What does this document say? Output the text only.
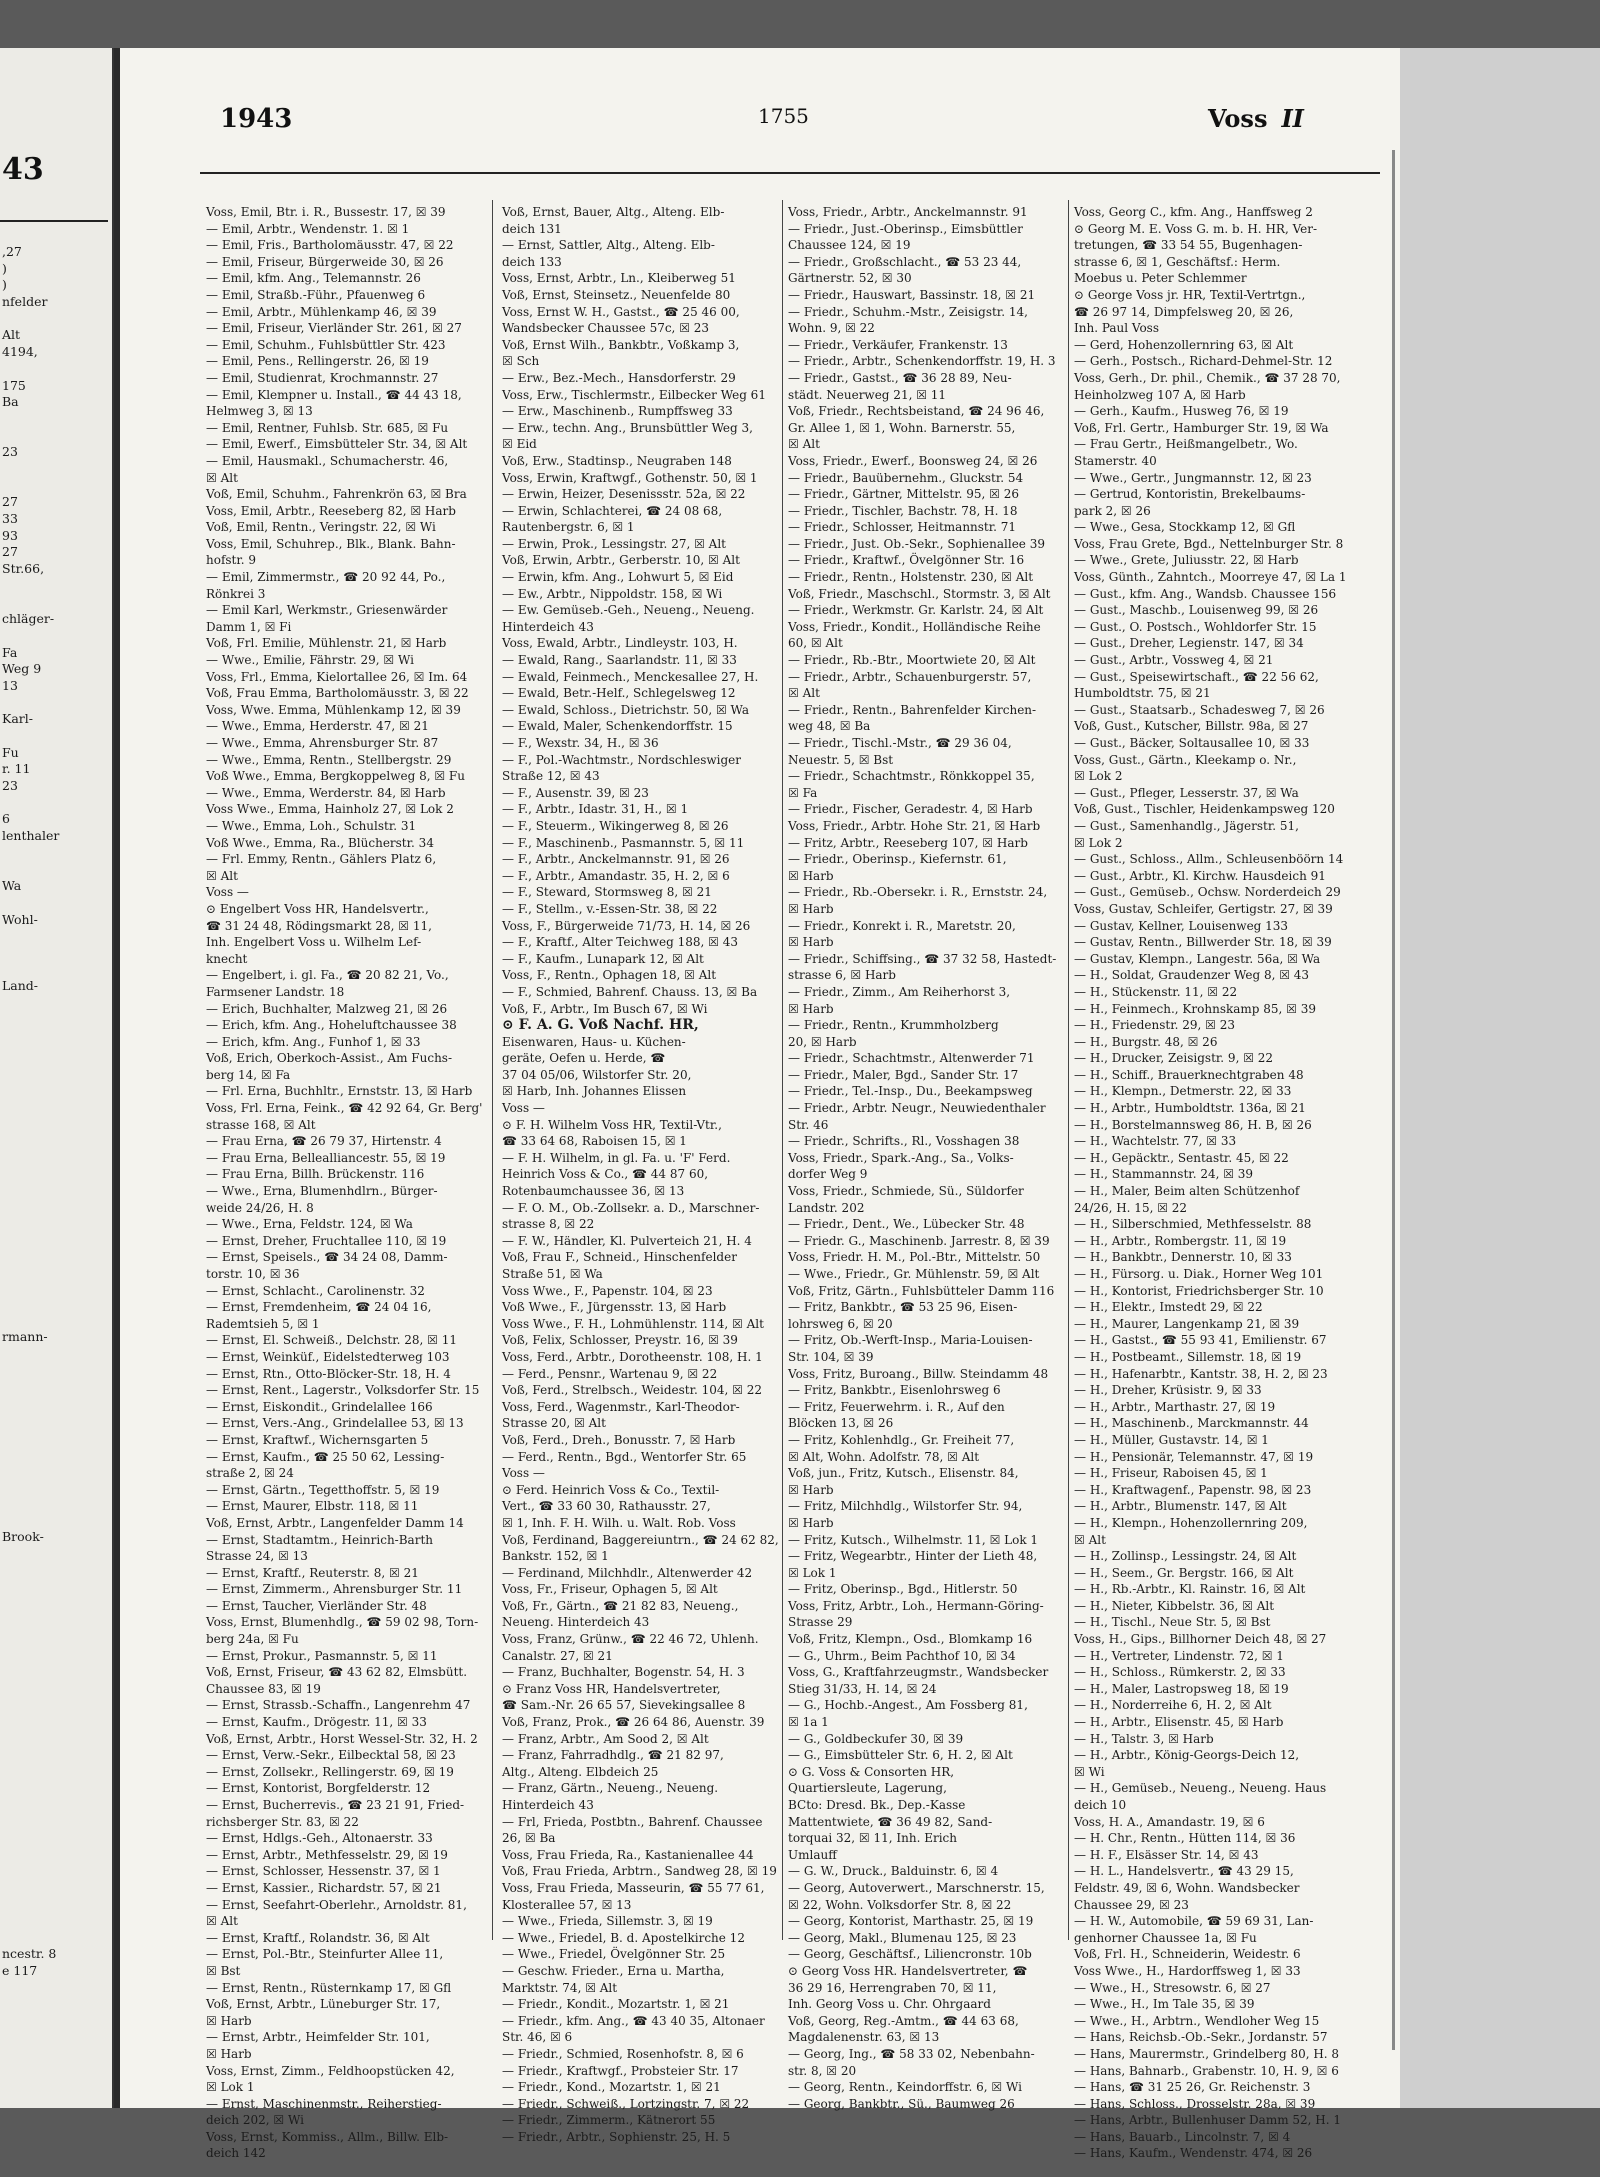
43
,27
)
)
nfelder
Alt
4194,
175
Ba
23
27
33
93
27
Str.66,
chläger-
Fa
Weg 9
13
Karl-
Fu
r. 11
23
6
lenthaler
Wa
Wohl-
Land-
rmann-
Brook-
ncestr. 8
e 117
1943	1755	Voss II
Voss, Emil, Btr. i. R., Bussestr. 17, ☒ 39
— Emil, Arbtr., Wendenstr. 1. ☒ 1
— Emil, Fris., Bartholomäusstr. 47, ☒ 22
— Emil, Friseur, Bürgerweide 30, ☒ 26
— Emil, kfm. Ang., Telemannstr. 26
— Emil, Straßb.-Führ., Pfauenweg 6
— Emil, Arbtr., Mühlenkamp 46, ☒ 39
— Emil, Friseur, Vierländer Str. 261, ☒ 27
— Emil, Schuhm., Fuhlsbüttler Str. 423
— Emil, Pens., Rellingerstr. 26, ☒ 19
— Emil, Studienrat, Krochmannstr. 27
— Emil, Klempner u. Install., ☎ 44 43 18,
Helmweg 3, ☒ 13
— Emil, Rentner, Fuhlsb. Str. 685, ☒ Fu
— Emil, Ewerf., Eimsbütteler Str. 34, ☒ Alt
— Emil, Hausmakl., Schumacherstr. 46,
☒ Alt
Voß, Emil, Schuhm., Fahrenkrön 63, ☒ Bra
Voss, Emil, Arbtr., Reeseberg 82, ☒ Harb
Voß, Emil, Rentn., Veringstr. 22, ☒ Wi
Voss, Emil, Schuhrep., Blk., Blank. Bahn-
hofstr. 9
— Emil, Zimmermstr., ☎ 20 92 44, Po.,
Rönkrei 3
— Emil Karl, Werkmstr., Griesenwärder
Damm 1, ☒ Fi
Voß, Frl. Emilie, Mühlenstr. 21, ☒ Harb
— Wwe., Emilie, Fährstr. 29, ☒ Wi
Voss, Frl., Emma, Kielortallee 26, ☒ Im. 64
Voß, Frau Emma, Bartholomäusstr. 3, ☒ 22
Voss, Wwe. Emma, Mühlenkamp 12, ☒ 39
— Wwe., Emma, Herderstr. 47, ☒ 21
— Wwe., Emma, Ahrensburger Str. 87
— Wwe., Emma, Rentn., Stellbergstr. 29
Voß Wwe., Emma, Bergkoppelweg 8, ☒ Fu
— Wwe., Emma, Werderstr. 84, ☒ Harb
Voss Wwe., Emma, Hainholz 27, ☒ Lok 2
— Wwe., Emma, Loh., Schulstr. 31
Voß Wwe., Emma, Ra., Blücherstr. 34
— Frl. Emmy, Rentn., Gählers Platz 6,
☒ Alt
Voss —
⊙ Engelbert Voss HR, Handelsvertr.,
☎ 31 24 48, Rödingsmarkt 28, ☒ 11,
Inh. Engelbert Voss u. Wilhelm Lef-
knecht
— Engelbert, i. gl. Fa., ☎ 20 82 21, Vo.,
Farmsener Landstr. 18
— Erich, Buchhalter, Malzweg 21, ☒ 26
— Erich, kfm. Ang., Hoheluftchaussee 38
— Erich, kfm. Ang., Funhof 1, ☒ 33
Voß, Erich, Oberkoch-Assist., Am Fuchs-
berg 14, ☒ Fa
— Frl. Erna, Buchhltr., Ernststr. 13, ☒ Harb
Voss, Frl. Erna, Feink., ☎ 42 92 64, Gr. Berg'
strasse 168, ☒ Alt
— Frau Erna, ☎ 26 79 37, Hirtenstr. 4
— Frau Erna, Bellealliancestr. 55, ☒ 19
— Frau Erna, Billh. Brückenstr. 116
— Wwe., Erna, Blumenhdlrn., Bürger-
weide 24/26, H. 8
— Wwe., Erna, Feldstr. 124, ☒ Wa
— Ernst, Dreher, Fruchtallee 110, ☒ 19
— Ernst, Speisels., ☎ 34 24 08, Damm-
torstr. 10, ☒ 36
— Ernst, Schlacht., Carolinenstr. 32
— Ernst, Fremdenheim, ☎ 24 04 16,
Rademtsieh 5, ☒ 1
— Ernst, El. Schweiß., Delchstr. 28, ☒ 11
— Ernst, Weinküf., Eidelstedterweg 103
— Ernst, Rtn., Otto-Blöcker-Str. 18, H. 4
— Ernst, Rent., Lagerstr., Volksdorfer Str. 15
— Ernst, Eiskondit., Grindelallee 166
— Ernst, Vers.-Ang., Grindelallee 53, ☒ 13
— Ernst, Kraftwf., Wichernsgarten 5
— Ernst, Kaufm., ☎ 25 50 62, Lessing-
straße 2, ☒ 24
— Ernst, Gärtn., Tegetthoffstr. 5, ☒ 19
— Ernst, Maurer, Elbstr. 118, ☒ 11
Voß, Ernst, Arbtr., Langenfelder Damm 14
— Ernst, Stadtamtm., Heinrich-Barth
Strasse 24, ☒ 13
— Ernst, Kraftf., Reuterstr. 8, ☒ 21
— Ernst, Zimmerm., Ahrensburger Str. 11
— Ernst, Taucher, Vierländer Str. 48
Voss, Ernst, Blumenhdlg., ☎ 59 02 98, Torn-
berg 24a, ☒ Fu
— Ernst, Prokur., Pasmannstr. 5, ☒ 11
Voß, Ernst, Friseur, ☎ 43 62 82, Elmsbütt.
Chaussee 83, ☒ 19
— Ernst, Strassb.-Schaffn., Langenrehm 47
— Ernst, Kaufm., Drögestr. 11, ☒ 33
Voß, Ernst, Arbtr., Horst Wessel-Str. 32, H. 2
— Ernst, Verw.-Sekr., Eilbecktal 58, ☒ 23
— Ernst, Zollsekr., Rellingerstr. 69, ☒ 19
— Ernst, Kontorist, Borgfelderstr. 12
— Ernst, Bucherrevis., ☎ 23 21 91, Fried-
richsberger Str. 83, ☒ 22
— Ernst, Hdlgs.-Geh., Altonaerstr. 33
— Ernst, Arbtr., Methfesselstr. 29, ☒ 19
— Ernst, Schlosser, Hessenstr. 37, ☒ 1
— Ernst, Kassier., Richardstr. 57, ☒ 21
— Ernst, Seefahrt-Oberlehr., Arnoldstr. 81,
☒ Alt
— Ernst, Kraftf., Rolandstr. 36, ☒ Alt
— Ernst, Pol.-Btr., Steinfurter Allee 11,
☒ Bst
— Ernst, Rentn., Rüsternkamp 17, ☒ Gfl
Voß, Ernst, Arbtr., Lüneburger Str. 17,
☒ Harb
— Ernst, Arbtr., Heimfelder Str. 101,
☒ Harb
Voss, Ernst, Zimm., Feldhoopstücken 42,
☒ Lok 1
— Ernst, Maschinenmstr., Reiherstieg-
deich 202, ☒ Wi
Voss, Ernst, Kommiss., Allm., Billw. Elb-
deich 142
Voß, Ernst, Bauer, Altg., Alteng. Elb-
deich 131
— Ernst, Sattler, Altg., Alteng. Elb-
deich 133
Voss, Ernst, Arbtr., Ln., Kleiberweg 51
Voß, Ernst, Steinsetz., Neuenfelde 80
Voss, Ernst W. H., Gastst., ☎ 25 46 00,
Wandsbecker Chaussee 57c, ☒ 23
Voß, Ernst Wilh., Bankbtr., Voßkamp 3,
☒ Sch
— Erw., Bez.-Mech., Hansdorferstr. 29
Voss, Erw., Tischlermstr., Eilbecker Weg 61
— Erw., Maschinenb., Rumpffsweg 33
— Erw., techn. Ang., Brunsbüttler Weg 3,
☒ Eid
Voß, Erw., Stadtinsp., Neugraben 148
Voss, Erwin, Kraftwgf., Gothenstr. 50, ☒ 1
— Erwin, Heizer, Desenissstr. 52a, ☒ 22
— Erwin, Schlachterei, ☎ 24 08 68,
Rautenbergstr. 6, ☒ 1
— Erwin, Prok., Lessingstr. 27, ☒ Alt
Voß, Erwin, Arbtr., Gerberstr. 10, ☒ Alt
— Erwin, kfm. Ang., Lohwurt 5, ☒ Eid
— Ew., Arbtr., Nippoldstr. 158, ☒ Wi
— Ew. Gemüseb.-Geh., Neueng., Neueng.
Hinterdeich 43
Voss, Ewald, Arbtr., Lindleystr. 103, H.
— Ewald, Rang., Saarlandstr. 11, ☒ 33
— Ewald, Feinmech., Menckesallee 27, H.
— Ewald, Betr.-Helf., Schlegelsweg 12
— Ewald, Schloss., Dietrichstr. 50, ☒ Wa
— Ewald, Maler, Schenkendorffstr. 15
— F., Wexstr. 34, H., ☒ 36
— F., Pol.-Wachtmstr., Nordschleswiger
Straße 12, ☒ 43
— F., Ausenstr. 39, ☒ 23
— F., Arbtr., Idastr. 31, H., ☒ 1
— F., Steuerm., Wikingerweg 8, ☒ 26
— F., Maschinenb., Pasmannstr. 5, ☒ 11
— F., Arbtr., Anckelmannstr. 91, ☒ 26
— F., Arbtr., Amandastr. 35, H. 2, ☒ 6
— F., Steward, Stormsweg 8, ☒ 21
— F., Stellm., v.-Essen-Str. 38, ☒ 22
Voss, F., Bürgerweide 71/73, H. 14, ☒ 26
— F., Kraftf., Alter Teichweg 188, ☒ 43
— F., Kaufm., Lunapark 12, ☒ Alt
Voss, F., Rentn., Ophagen 18, ☒ Alt
— F., Schmied, Bahrenf. Chauss. 13, ☒ Ba
Voß, F., Arbtr., Im Busch 67, ☒ Wi
⊙ F. A. G. Voß Nachf. HR,
Eisenwaren, Haus- u. Küchen-
geräte, Oefen u. Herde, ☎
37 04 05/06, Wilstorfer Str. 20,
☒ Harb, Inh. Johannes Elissen
Voss —
⊙ F. H. Wilhelm Voss HR, Textil-Vtr.,
☎ 33 64 68, Raboisen 15, ☒ 1
— F. H. Wilhelm, in gl. Fa. u. 'F' Ferd.
Heinrich Voss & Co., ☎ 44 87 60,
Rotenbaumchaussee 36, ☒ 13
— F. O. M., Ob.-Zollsekr. a. D., Marschner-
strasse 8, ☒ 22
— F. W., Händler, Kl. Pulverteich 21, H. 4
Voß, Frau F., Schneid., Hinschenfelder
Straße 51, ☒ Wa
Voss Wwe., F., Papenstr. 104, ☒ 23
Voß Wwe., F., Jürgensstr. 13, ☒ Harb
Voss Wwe., F. H., Lohmühlenstr. 114, ☒ Alt
Voß, Felix, Schlosser, Preystr. 16, ☒ 39
Voss, Ferd., Arbtr., Dorotheenstr. 108, H. 1
— Ferd., Pensnr., Wartenau 9, ☒ 22
Voß, Ferd., Strelbsch., Weidestr. 104, ☒ 22
Voss, Ferd., Wagenmstr., Karl-Theodor-
Strasse 20, ☒ Alt
Voß, Ferd., Dreh., Bonusstr. 7, ☒ Harb
— Ferd., Rentn., Bgd., Wentorfer Str. 65
Voss —
⊙ Ferd. Heinrich Voss & Co., Textil-
Vert., ☎ 33 60 30, Rathausstr. 27,
☒ 1, Inh. F. H. Wilh. u. Walt. Rob. Voss
Voß, Ferdinand, Baggereiuntrn., ☎ 24 62 82,
Bankstr. 152, ☒ 1
— Ferdinand, Milchhdlr., Altenwerder 42
Voss, Fr., Friseur, Ophagen 5, ☒ Alt
Voß, Fr., Gärtn., ☎ 21 82 83, Neueng.,
Neueng. Hinterdeich 43
Voss, Franz, Grünw., ☎ 22 46 72, Uhlenh.
Canalstr. 27, ☒ 21
— Franz, Buchhalter, Bogenstr. 54, H. 3
⊙ Franz Voss HR, Handelsvertreter,
☎ Sam.-Nr. 26 65 57, Sievekingsallee 8
Voß, Franz, Prok., ☎ 26 64 86, Auenstr. 39
— Franz, Arbtr., Am Sood 2, ☒ Alt
— Franz, Fahrradhdlg., ☎ 21 82 97,
Altg., Alteng. Elbdeich 25
— Franz, Gärtn., Neueng., Neueng.
Hinterdeich 43
— Frl, Frieda, Postbtn., Bahrenf. Chaussee
26, ☒ Ba
Voss, Frau Frieda, Ra., Kastanienallee 44
Voß, Frau Frieda, Arbtrn., Sandweg 28, ☒ 19
Voss, Frau Frieda, Masseurin, ☎ 55 77 61,
Klosterallee 57, ☒ 13
— Wwe., Frieda, Sillemstr. 3, ☒ 19
— Wwe., Friedel, B. d. Apostelkirche 12
— Wwe., Friedel, Övelgönner Str. 25
— Geschw. Frieder., Erna u. Martha,
Marktstr. 74, ☒ Alt
— Friedr., Kondit., Mozartstr. 1, ☒ 21
— Friedr., kfm. Ang., ☎ 43 40 35, Altonaer
Str. 46, ☒ 6
— Friedr., Schmied, Rosenhofstr. 8, ☒ 6
— Friedr., Kraftwgf., Probsteier Str. 17
— Friedr., Kond., Mozartstr. 1, ☒ 21
— Friedr., Schweiß., Lortzingstr. 7, ☒ 22
— Friedr., Zimmerm., Kätnerort 55
— Friedr., Arbtr., Sophienstr. 25, H. 5
Voss, Friedr., Arbtr., Anckelmannstr. 91
— Friedr., Just.-Oberinsp., Eimsbüttler
Chaussee 124, ☒ 19
— Friedr., Großschlacht., ☎ 53 23 44,
Gärtnerstr. 52, ☒ 30
— Friedr., Hauswart, Bassinstr. 18, ☒ 21
— Friedr., Schuhm.-Mstr., Zeisigstr. 14,
Wohn. 9, ☒ 22
— Friedr., Verkäufer, Frankenstr. 13
— Friedr., Arbtr., Schenkendorffstr. 19, H. 3
— Friedr., Gastst., ☎ 36 28 89, Neu-
städt. Neuerweg 21, ☒ 11
Voß, Friedr., Rechtsbeistand, ☎ 24 96 46,
Gr. Allee 1, ☒ 1, Wohn. Barnerstr. 55,
☒ Alt
Voss, Friedr., Ewerf., Boonsweg 24, ☒ 26
— Friedr., Bauübernehm., Gluckstr. 54
— Friedr., Gärtner, Mittelstr. 95, ☒ 26
— Friedr., Tischler, Bachstr. 78, H. 18
— Friedr., Schlosser, Heitmannstr. 71
— Friedr., Just. Ob.-Sekr., Sophienallee 39
— Friedr., Kraftwf., Övelgönner Str. 16
— Friedr., Rentn., Holstenstr. 230, ☒ Alt
Voß, Friedr., Maschschl., Stormstr. 3, ☒ Alt
— Friedr., Werkmstr. Gr. Karlstr. 24, ☒ Alt
Voss, Friedr., Kondit., Holländische Reihe
60, ☒ Alt
— Friedr., Rb.-Btr., Moortwiete 20, ☒ Alt
— Friedr., Arbtr., Schauenburgerstr. 57,
☒ Alt
— Friedr., Rentn., Bahrenfelder Kirchen-
weg 48, ☒ Ba
— Friedr., Tischl.-Mstr., ☎ 29 36 04,
Neuestr. 5, ☒ Bst
— Friedr., Schachtmstr., Rönkkoppel 35,
☒ Fa
— Friedr., Fischer, Geradestr. 4, ☒ Harb
Voss, Friedr., Arbtr. Hohe Str. 21, ☒ Harb
— Fritz, Arbtr., Reeseberg 107, ☒ Harb
— Friedr., Oberinsp., Kiefernstr. 61,
☒ Harb
— Friedr., Rb.-Obersekr. i. R., Ernststr. 24,
☒ Harb
— Friedr., Konrekt i. R., Maretstr. 20,
☒ Harb
— Friedr., Schiffsing., ☎ 37 32 58, Hastedt-
strasse 6, ☒ Harb
— Friedr., Zimm., Am Reiherhorst 3,
☒ Harb
— Friedr., Rentn., Krummholzberg
20, ☒ Harb
— Friedr., Schachtmstr., Altenwerder 71
— Friedr., Maler, Bgd., Sander Str. 17
— Friedr., Tel.-Insp., Du., Beekampsweg
— Friedr., Arbtr. Neugr., Neuwiedenthaler
Str. 46
— Friedr., Schrifts., Rl., Vosshagen 38
Voss, Friedr., Spark.-Ang., Sa., Volks-
dorfer Weg 9
Voss, Friedr., Schmiede, Sü., Süldorfer
Landstr. 202
— Friedr., Dent., We., Lübecker Str. 48
— Friedr. G., Maschinenb. Jarrestr. 8, ☒ 39
Voss, Friedr. H. M., Pol.-Btr., Mittelstr. 50
— Wwe., Friedr., Gr. Mühlenstr. 59, ☒ Alt
Voß, Fritz, Gärtn., Fuhlsbütteler Damm 116
— Fritz, Bankbtr., ☎ 53 25 96, Eisen-
lohrsweg 6, ☒ 20
— Fritz, Ob.-Werft-Insp., Maria-Louisen-
Str. 104, ☒ 39
Voss, Fritz, Buroang., Billw. Steindamm 48
— Fritz, Bankbtr., Eisenlohrsweg 6
— Fritz, Feuerwehrm. i. R., Auf den
Blöcken 13, ☒ 26
— Fritz, Kohlenhdlg., Gr. Freiheit 77,
☒ Alt, Wohn. Adolfstr. 78, ☒ Alt
Voß, jun., Fritz, Kutsch., Elisenstr. 84,
☒ Harb
— Fritz, Milchhdlg., Wilstorfer Str. 94,
☒ Harb
— Fritz, Kutsch., Wilhelmstr. 11, ☒ Lok 1
— Fritz, Wegearbtr., Hinter der Lieth 48,
☒ Lok 1
— Fritz, Oberinsp., Bgd., Hitlerstr. 50
Voss, Fritz, Arbtr., Loh., Hermann-Göring-
Strasse 29
Voß, Fritz, Klempn., Osd., Blomkamp 16
— G., Uhrm., Beim Pachthof 10, ☒ 34
Voss, G., Kraftfahrzeugmstr., Wandsbecker
Stieg 31/33, H. 14, ☒ 24
— G., Hochb.-Angest., Am Fossberg 81,
☒ 1a 1
— G., Goldbeckufer 30, ☒ 39
— G., Eimsbütteler Str. 6, H. 2, ☒ Alt
⊙ G. Voss & Consorten HR,
Quartiersleute, Lagerung,
BCto: Dresd. Bk., Dep.-Kasse
Mattentwiete, ☎ 36 49 82, Sand-
torquai 32, ☒ 11, Inh. Erich
Umlauff
— G. W., Druck., Balduinstr. 6, ☒ 4
— Georg, Autoverwert., Marschnerstr. 15,
☒ 22, Wohn. Volksdorfer Str. 8, ☒ 22
— Georg, Kontorist, Marthastr. 25, ☒ 19
— Georg, Makl., Blumenau 125, ☒ 23
— Georg, Geschäftsf., Liliencronstr. 10b
⊙ Georg Voss HR. Handelsvertreter, ☎
36 29 16, Herrengraben 70, ☒ 11,
Inh. Georg Voss u. Chr. Ohrgaard
Voß, Georg, Reg.-Amtm., ☎ 44 63 68,
Magdalenenstr. 63, ☒ 13
— Georg, Ing., ☎ 58 33 02, Nebenbahn-
str. 8, ☒ 20
— Georg, Rentn., Keindorffstr. 6, ☒ Wi
— Georg, Bankbtr., Sü., Baumweg 26
Voss, Georg C., kfm. Ang., Hanffsweg 2
⊙ Georg M. E. Voss G. m. b. H. HR, Ver-
tretungen, ☎ 33 54 55, Bugenhagen-
strasse 6, ☒ 1, Geschäftsf.: Herm.
Moebus u. Peter Schlemmer
⊙ George Voss jr. HR, Textil-Vertrtgn.,
☎ 26 97 14, Dimpfelsweg 20, ☒ 26,
Inh. Paul Voss
— Gerd, Hohenzollernring 63, ☒ Alt
— Gerh., Postsch., Richard-Dehmel-Str. 12
Voss, Gerh., Dr. phil., Chemik., ☎ 37 28 70,
Heinholzweg 107 A, ☒ Harb
— Gerh., Kaufm., Husweg 76, ☒ 19
Voß, Frl. Gertr., Hamburger Str. 19, ☒ Wa
— Frau Gertr., Heißmangelbetr., Wo.
Stamerstr. 40
— Wwe., Gertr., Jungmannstr. 12, ☒ 23
— Gertrud, Kontoristin, Brekelbaums-
park 2, ☒ 26
— Wwe., Gesa, Stockkamp 12, ☒ Gfl
Voss, Frau Grete, Bgd., Nettelnburger Str. 8
— Wwe., Grete, Juliusstr. 22, ☒ Harb
Voss, Günth., Zahntch., Moorreye 47, ☒ La 1
— Gust., kfm. Ang., Wandsb. Chaussee 156
— Gust., Maschb., Louisenweg 99, ☒ 26
— Gust., O. Postsch., Wohldorfer Str. 15
— Gust., Dreher, Legienstr. 147, ☒ 34
— Gust., Arbtr., Vossweg 4, ☒ 21
— Gust., Speisewirtschaft., ☎ 22 56 62,
Humboldtstr. 75, ☒ 21
— Gust., Staatsarb., Schadesweg 7, ☒ 26
Voß, Gust., Kutscher, Billstr. 98a, ☒ 27
— Gust., Bäcker, Soltausallee 10, ☒ 33
Voss, Gust., Gärtn., Kleekamp o. Nr.,
☒ Lok 2
— Gust., Pfleger, Lesserstr. 37, ☒ Wa
Voß, Gust., Tischler, Heidenkampsweg 120
— Gust., Samenhandlg., Jägerstr. 51,
☒ Lok 2
— Gust., Schloss., Allm., Schleusenböörn 14
— Gust., Arbtr., Kl. Kirchw. Hausdeich 91
— Gust., Gemüseb., Ochsw. Norderdeich 29
Voss, Gustav, Schleifer, Gertigstr. 27, ☒ 39
— Gustav, Kellner, Louisenweg 133
— Gustav, Rentn., Billwerder Str. 18, ☒ 39
— Gustav, Klempn., Langestr. 56a, ☒ Wa
— H., Soldat, Graudenzer Weg 8, ☒ 43
— H., Stückenstr. 11, ☒ 22
— H., Feinmech., Krohnskamp 85, ☒ 39
— H., Friedenstr. 29, ☒ 23
— H., Burgstr. 48, ☒ 26
— H., Drucker, Zeisigstr. 9, ☒ 22
— H., Schiff., Brauerknechtgraben 48
— H., Klempn., Detmerstr. 22, ☒ 33
— H., Arbtr., Humboldtstr. 136a, ☒ 21
— H., Borstelmannsweg 86, H. B, ☒ 26
— H., Wachtelstr. 77, ☒ 33
— H., Gepäcktr., Sentastr. 45, ☒ 22
— H., Stammannstr. 24, ☒ 39
— H., Maler, Beim alten Schützenhof
24/26, H. 15, ☒ 22
— H., Silberschmied, Methfesselstr. 88
— H., Arbtr., Rombergstr. 11, ☒ 19
— H., Bankbtr., Dennerstr. 10, ☒ 33
— H., Fürsorg. u. Diak., Horner Weg 101
— H., Kontorist, Friedrichsberger Str. 10
— H., Elektr., Imstedt 29, ☒ 22
— H., Maurer, Langenkamp 21, ☒ 39
— H., Gastst., ☎ 55 93 41, Emilienstr. 67
— H., Postbeamt., Sillemstr. 18, ☒ 19
— H., Hafenarbtr., Kantstr. 38, H. 2, ☒ 23
— H., Dreher, Krüsistr. 9, ☒ 33
— H., Arbtr., Marthastr. 27, ☒ 19
— H., Maschinenb., Marckmannstr. 44
— H., Müller, Gustavstr. 14, ☒ 1
— H., Pensionär, Telemannstr. 47, ☒ 19
— H., Friseur, Raboisen 45, ☒ 1
— H., Kraftwagenf., Papenstr. 98, ☒ 23
— H., Arbtr., Blumenstr. 147, ☒ Alt
— H., Klempn., Hohenzollernring 209,
☒ Alt
— H., Zollinsp., Lessingstr. 24, ☒ Alt
— H., Seem., Gr. Bergstr. 166, ☒ Alt
— H., Rb.-Arbtr., Kl. Rainstr. 16, ☒ Alt
— H., Nieter, Kibbelstr. 36, ☒ Alt
— H., Tischl., Neue Str. 5, ☒ Bst
Voss, H., Gips., Billhorner Deich 48, ☒ 27
— H., Vertreter, Lindenstr. 72, ☒ 1
— H., Schloss., Rümkerstr. 2, ☒ 33
— H., Maler, Lastropsweg 18, ☒ 19
— H., Norderreihe 6, H. 2, ☒ Alt
— H., Arbtr., Elisenstr. 45, ☒ Harb
— H., Talstr. 3, ☒ Harb
— H., Arbtr., König-Georgs-Deich 12,
☒ Wi
— H., Gemüseb., Neueng., Neueng. Haus
deich 10
Voss, H. A., Amandastr. 19, ☒ 6
— H. Chr., Rentn., Hütten 114, ☒ 36
— H. F., Elsässer Str. 14, ☒ 43
— H. L., Handelsvertr., ☎ 43 29 15,
Feldstr. 49, ☒ 6, Wohn. Wandsbecker
Chaussee 29, ☒ 23
— H. W., Automobile, ☎ 59 69 31, Lan-
genhorner Chaussee 1a, ☒ Fu
Voß, Frl. H., Schneiderin, Weidestr. 6
Voss Wwe., H., Hardorffsweg 1, ☒ 33
— Wwe., H., Stresowstr. 6, ☒ 27
— Wwe., H., Im Tale 35, ☒ 39
— Wwe., H., Arbtrn., Wendloher Weg 15
— Hans, Reichsb.-Ob.-Sekr., Jordanstr. 57
— Hans, Maurermstr., Grindelberg 80, H. 8
— Hans, Bahnarb., Grabenstr. 10, H. 9, ☒ 6
— Hans, ☎ 31 25 26, Gr. Reichenstr. 3
— Hans, Schloss., Drosselstr. 28a, ☒ 39
— Hans, Arbtr., Bullenhuser Damm 52, H. 1
— Hans, Bauarb., Lincolnstr. 7, ☒ 4
— Hans, Kaufm., Wendenstr. 474, ☒ 26
